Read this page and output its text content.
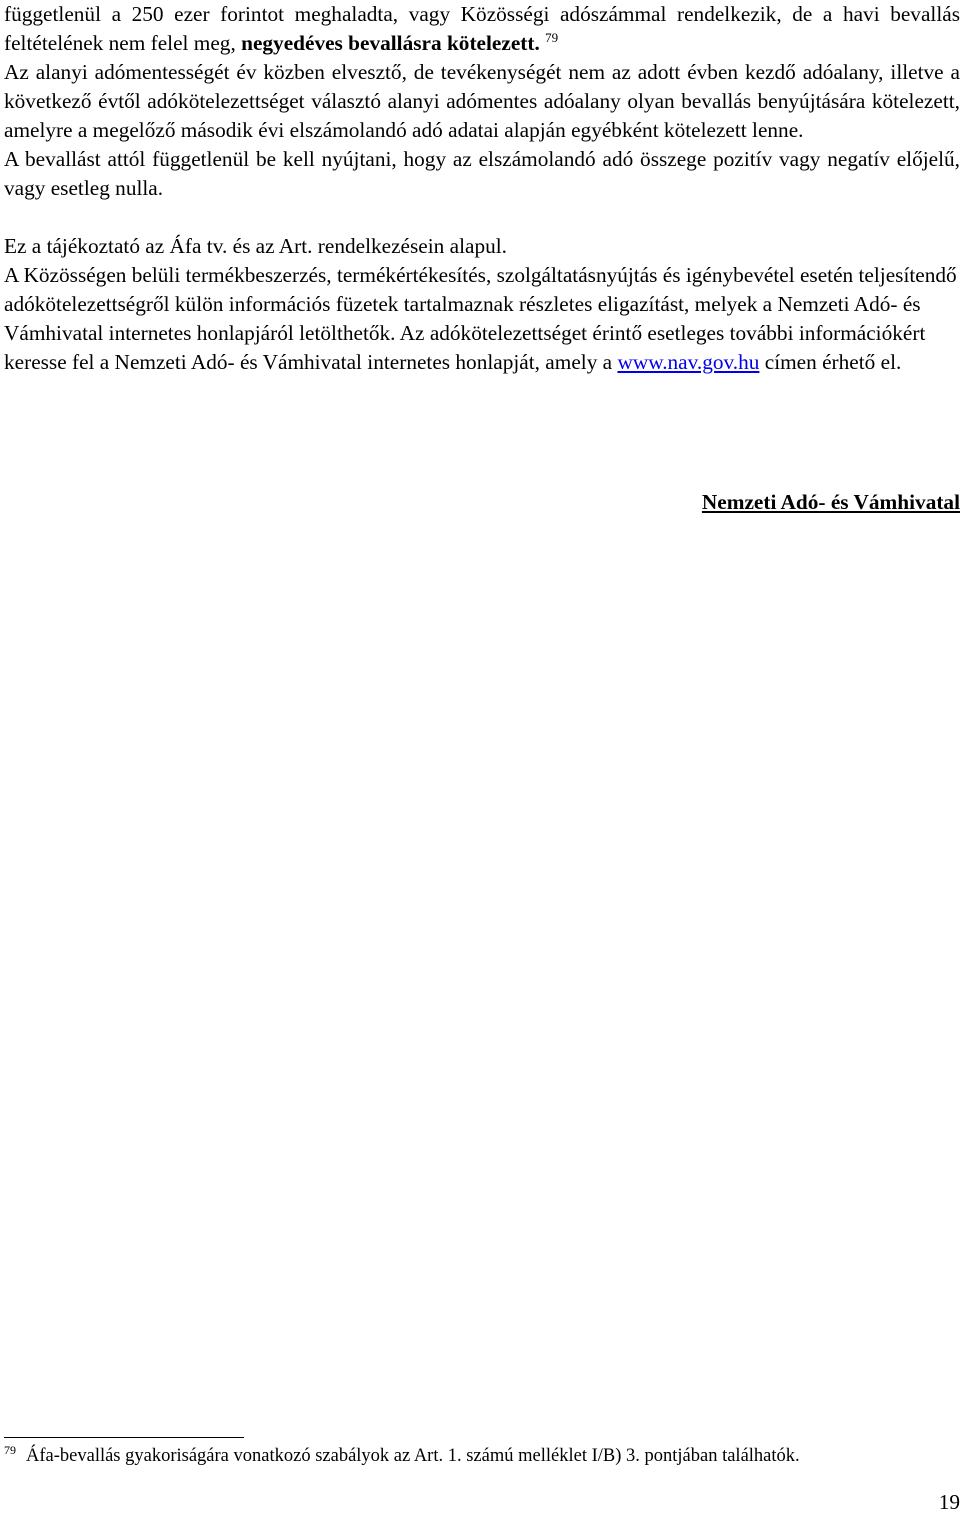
függetlenül a 250 ezer forintot meghaladta, vagy Közösségi adószámmal rendelkezik, de a havi bevallás feltételének nem felel meg, negyedéves bevallásra kötelezett. $^{79}$

Az alanyi adómentességét év közben elvesztő, de tevékenységét nem az adott évben kezdő adóalany, illetve a következő évtől adókötelezettséget választó alanyi adómentes adóalany olyan bevallás benyújtására kötelezett, amelyre a megelőző második évi elszámolandó adó adatai alapján egyébként kötelezett lenne.

A bevallást attól függetlenül be kell nyújtani, hogy az elszámolandó adó összege pozitív vagy negatív előjelű, vagy esetleg nulla.

Ez a tájékoztató az Áfa tv. és az Art. rendelkezésein alapul.

A Közösségen belüli termékbeszerzés, termékértékesítés, szolgáltatásnyújtás és igénybevétel esetén teljesítendő adókötelezettségről külön információs füzetek tartalmaznak részletes eligazítást, melyek a Nemzeti Adó- és Vámhivatal internetes honlapjáról letölthetők. Az adókötelezettséget érintő esetleges további információkért keresse fel a Nemzeti Adó- és Vámhivatal internetes honlapját, amely a www.nav.gov.hu címen érhető el.

Nemzeti Adó- és Vámhivatal
$^{79}$ Áfa-bevallás gyakoriságára vonatkozó szabályok az Art. 1. számú melléklet I/B) 3. pontjában találhatók.
19
